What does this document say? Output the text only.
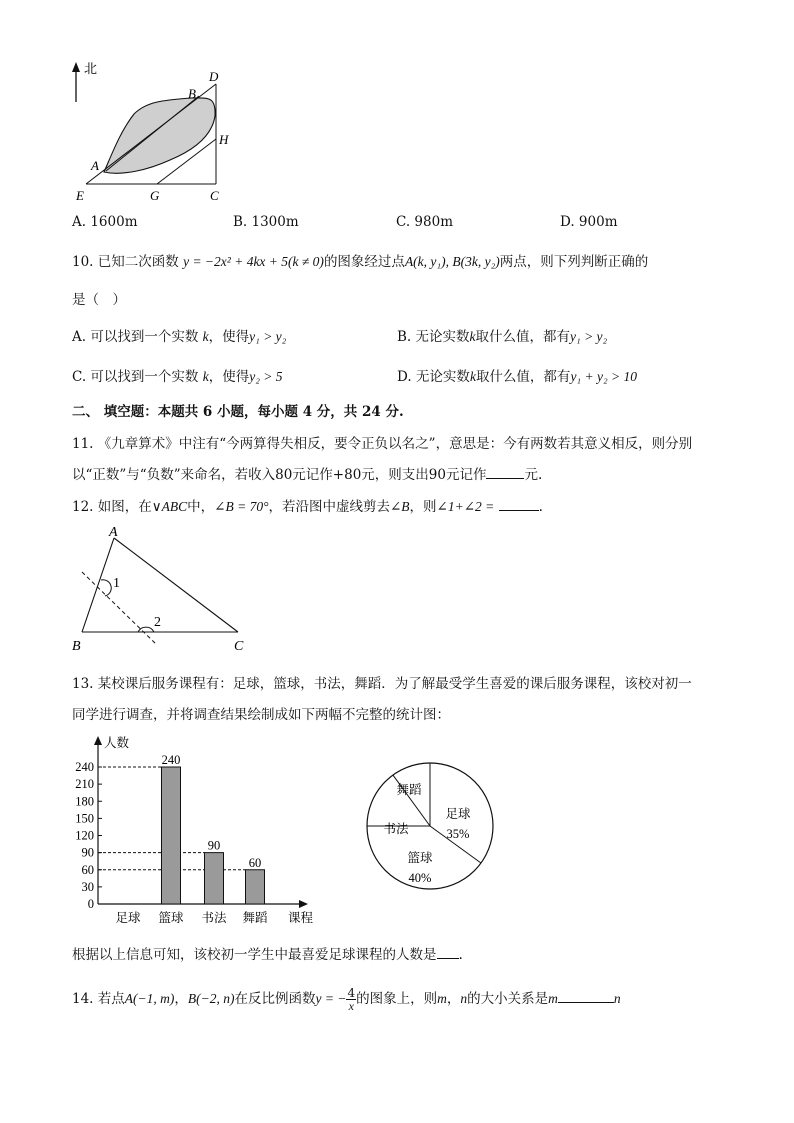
北
A
B
D
H
E	G	C
A. 1600m	B. 1300m	C. 980m	D. 900m
10. 已知二次函数 y = −2x² + 4kx + 5(k ≠ 0)的图象经过点A(k, y₁), B(3k, y₂)两点，则下列判断正确的
是（　）
A. 可以找到一个实数 k，使得y₁ > y₂	B. 无论实数k取什么值，都有y₁ > y₂
C. 可以找到一个实数 k，使得y₂ > 5	D. 无论实数k取什么值，都有y₁ + y₂ > 10
二、 填空题：本题共 6 小题，每小题 4 分，共 24 分.
11. 《九章算术》中注有“今两算得失相反，要令正负以名之”，意思是：今有两数若其意义相反，则分别
以“正数”与“负数”来命名，若收入80元记作+80元，则支出90元记作	元.
12. 如图，在∨ABC中，∠B = 70°，若沿图中虚线剪去∠B，则∠1+∠2 =	.
A
B	C
1
2
13. 某校课后服务课程有：足球，篮球，书法，舞蹈．为了解最受学生喜爱的课后服务课程，该校对初一
同学进行调查，并将调查结果绘制成如下两幅不完整的统计图：
人数
课程
0
30
60
90
120
150
180
210
240
足球
240
篮球
90
书法
60
舞蹈
足球
35%
篮球
40%
书法
舞蹈
根据以上信息可知，该校初一学生中最喜爱足球课程的人数是 .
14. 若点A(−1, m)，B(−2, n)在反比例函数y = − $\frac{4}{x}$ 的图象上，则m，n的大小关系是m	n
